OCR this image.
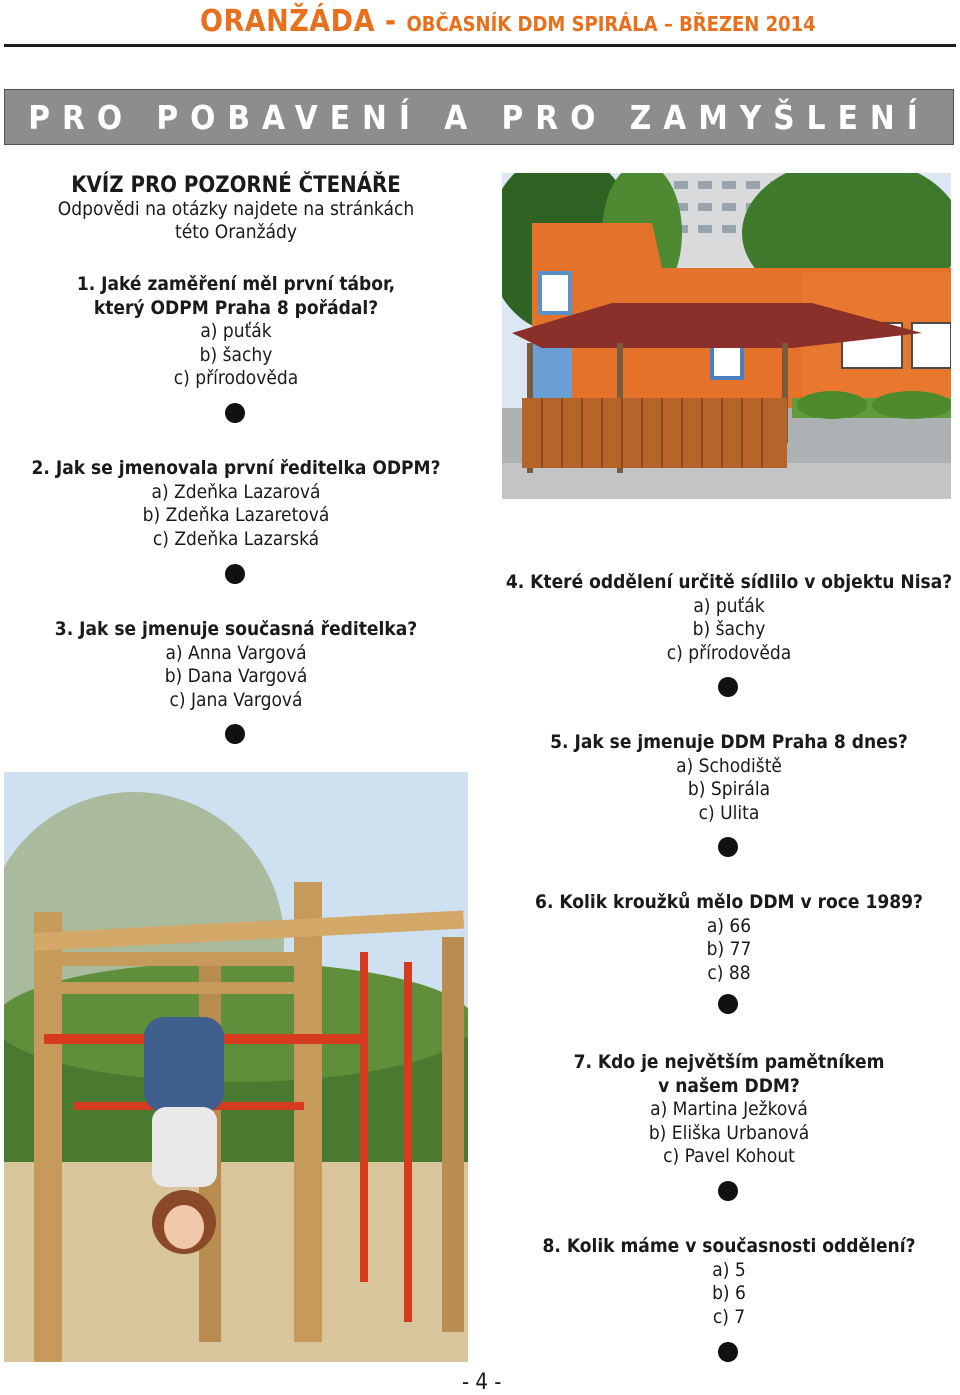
ORANŽÁDA - OBČASNÍK DDM SPIRÁLA – BŘEZEN 2014
PRO POBAVENÍ A PRO ZAMYŠLENÍ
KVÍZ PRO POZORNÉ ČTENÁŘE
Odpovědi na otázky najdete na stránkách
této Oranžády
1. Jaké zaměření měl první tábor,
který ODPM Praha 8 pořádal?
a) puťák
b) šachy
c) přírodověda
2. Jak se jmenovala první ředitelka ODPM?
a) Zdeňka Lazarová
b) Zdeňka Lazaretová
c) Zdeňka Lazarská
3. Jak se jmenuje současná ředitelka?
a) Anna Vargová
b) Dana Vargová
c) Jana Vargová
4. Které oddělení určitě sídlilo v objektu Nisa?
a) puťák
b) šachy
c) přírodověda
5. Jak se jmenuje DDM Praha 8 dnes?
a) Schodiště
b) Spirála
c) Ulita
6. Kolik kroužků mělo DDM v roce 1989?
a) 66
b) 77
c) 88
7. Kdo je největším pamětníkem
v našem DDM?
a) Martina Ježková
b) Eliška Urbanová
c) Pavel Kohout
8. Kolik máme v současnosti oddělení?
a) 5
b) 6
c) 7
- 4 -
